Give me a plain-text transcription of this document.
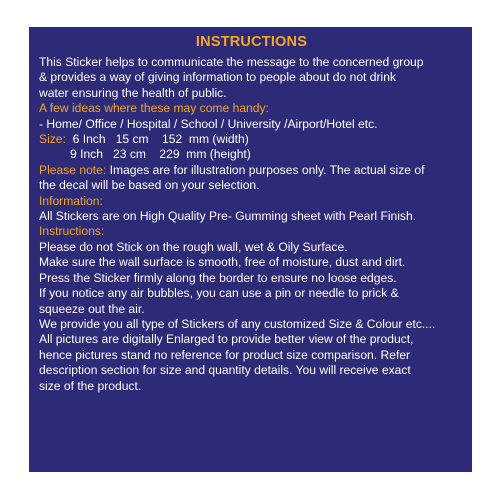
INSTRUCTIONS
This Sticker helps to communicate the message to the concerned group
& provides a way of giving information to people about do not drink
water ensuring the health of public.
A few ideas where these may come handy:
- Home/ Office / Hospital / School / University /Airport/Hotel etc.
Size: 6 Inch   15 cm    152  mm (width)
9 Inch   23 cm    229  mm (height)
Please note: Images are for illustration purposes only. The actual size of
the decal will be based on your selection.
Information:
All Stickers are on High Quality Pre- Gumming sheet with Pearl Finish.
Instructions:
Please do not Stick on the rough wall, wet & Oily Surface.
Make sure the wall surface is smooth, free of moisture, dust and dirt.
Press the Sticker firmly along the border to ensure no loose edges.
If you notice any air bubbles, you can use a pin or needle to prick &
squeeze out the air.
We provide you all type of Stickers of any customized Size & Colour etc....
All pictures are digitally Enlarged to provide better view of the product,
hence pictures stand no reference for product size comparison. Refer
description section for size and quantity details. You will receive exact
size of the product.
